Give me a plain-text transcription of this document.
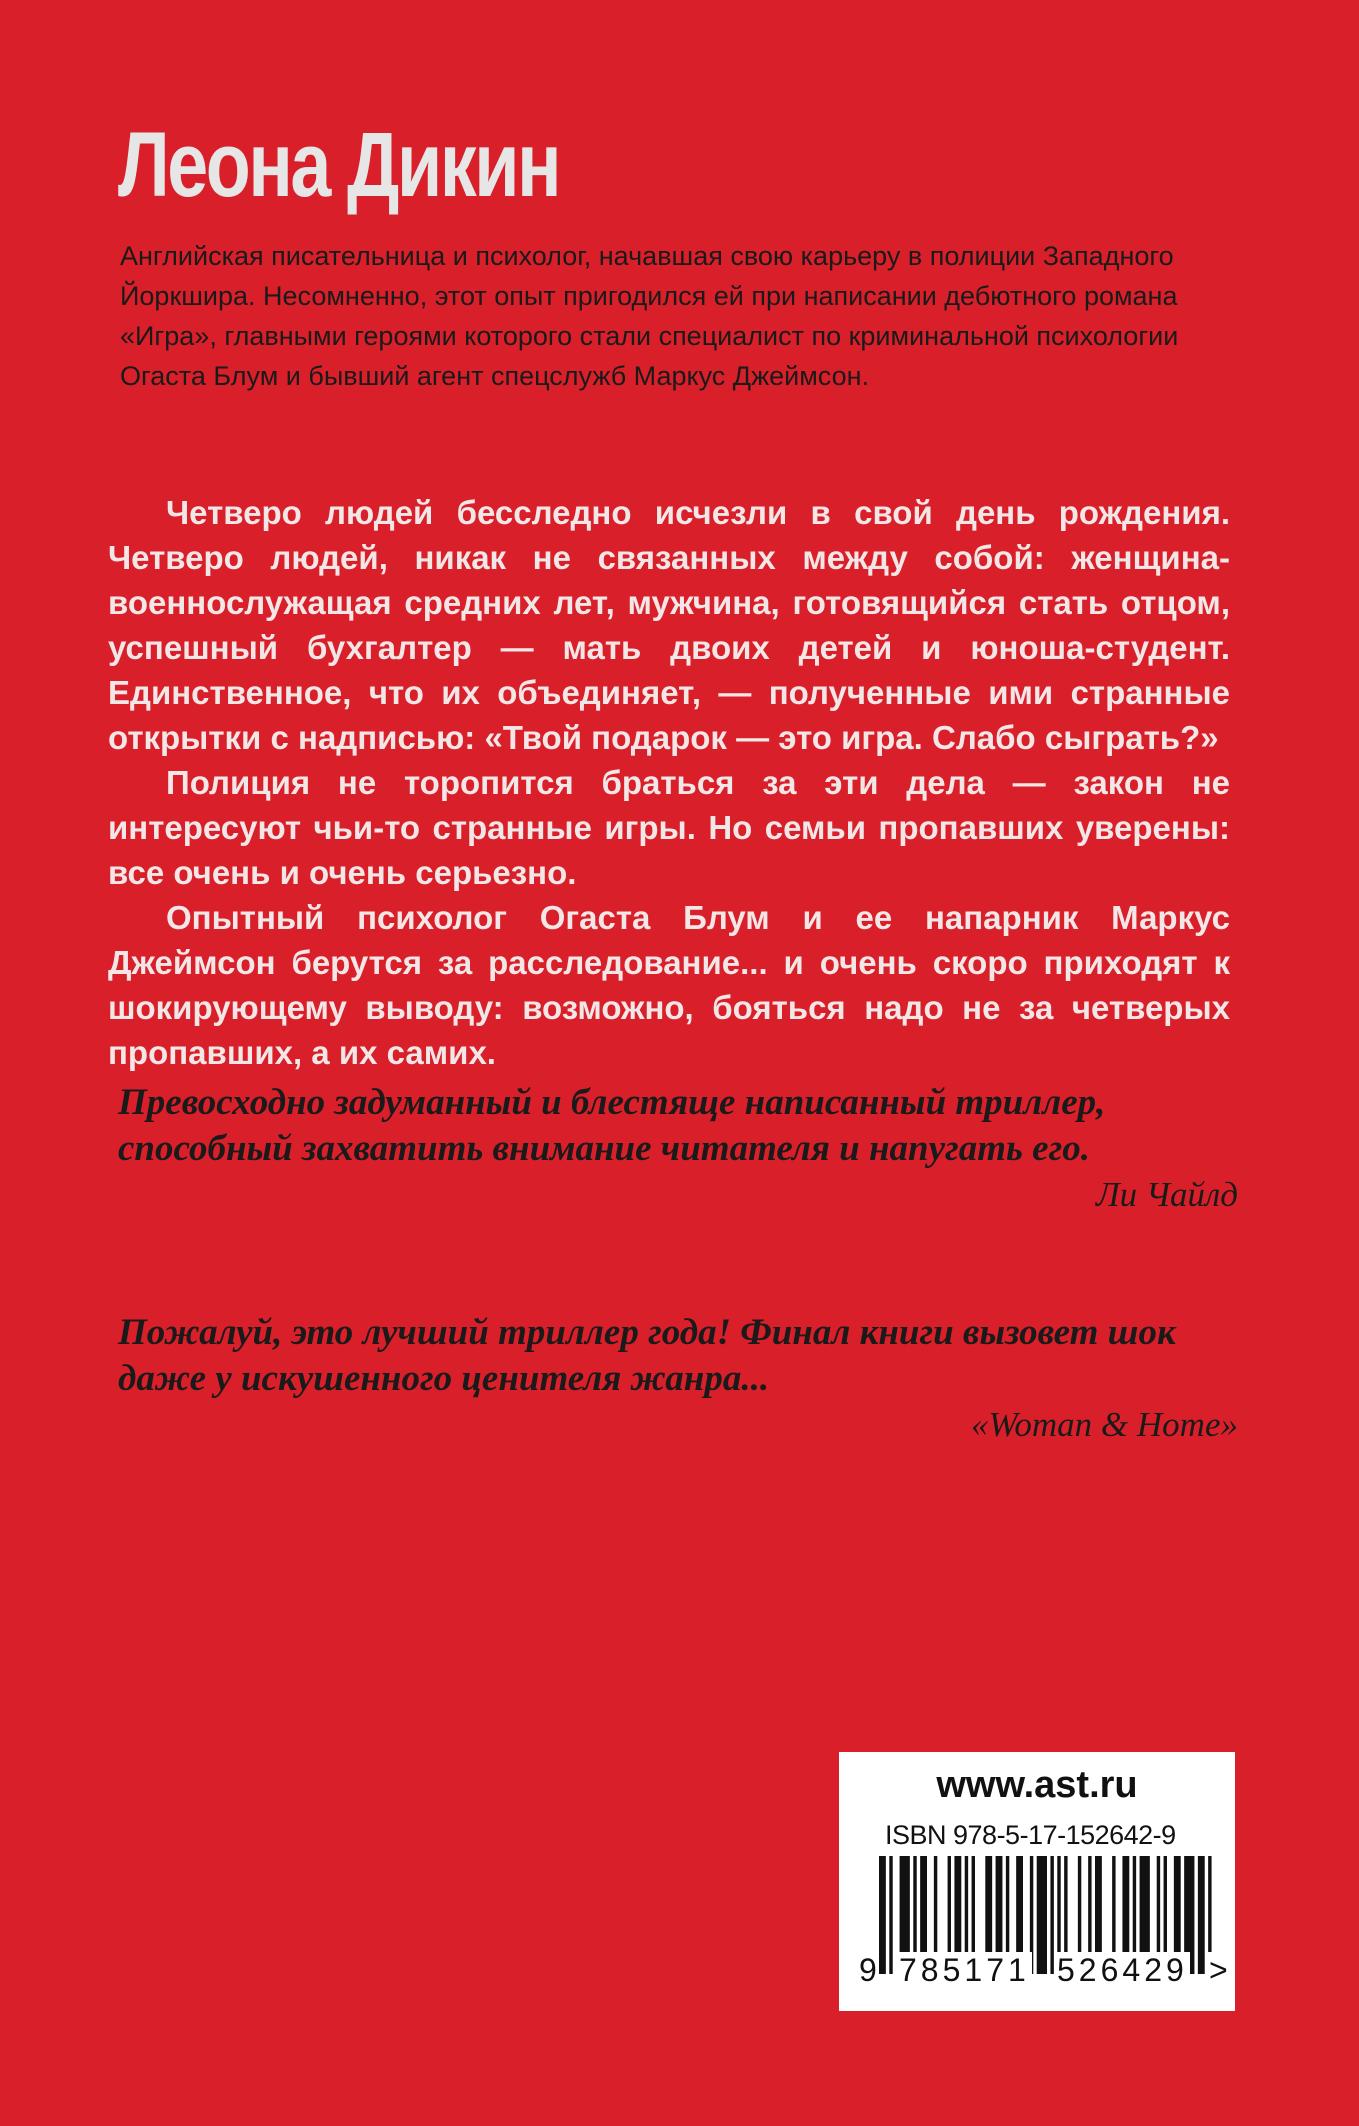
Леона Дикин

Английская писательница и психолог, начавшая свою карьеру в полиции Западного Йоркшира. Несомненно, этот опыт пригодился ей при написании дебютного романа «Игра», главными героями которого стали специалист по криминальной психологии Огаста Блум и бывший агент спецслужб Маркус Джеймсон.

Четверо людей бесследно исчезли в свой день рождения. Четверо людей, никак не связанных между собой: женщина-военнослужащая средних лет, мужчина, готовящийся стать отцом, успешный бухгалтер — мать двоих детей и юноша-студент. Единственное, что их объединяет, — полученные ими странные открытки с надписью: «Твой подарок — это игра. Слабо сыграть?»

Полиция не торопится браться за эти дела — закон не интересуют чьи-то странные игры. Но семьи пропавших уверены: все очень и очень серьезно.

Опытный психолог Огаста Блум и ее напарник Маркус Джеймсон берутся за расследование... и очень скоро приходят к шокирующему выводу: возможно, бояться надо не за четверых пропавших, а их самих.

Превосходно задуманный и блестяще написанный триллер, способный захватить внимание читателя и напугать его.

Ли Чайлд

Пожалуй, это лучший триллер года! Финал книги вызовет шок даже у искушенного ценителя жанра...

«Woman & Home»

www.ast.ru
ISBN 978-5-17-152642-9
9 785171 526429 >
